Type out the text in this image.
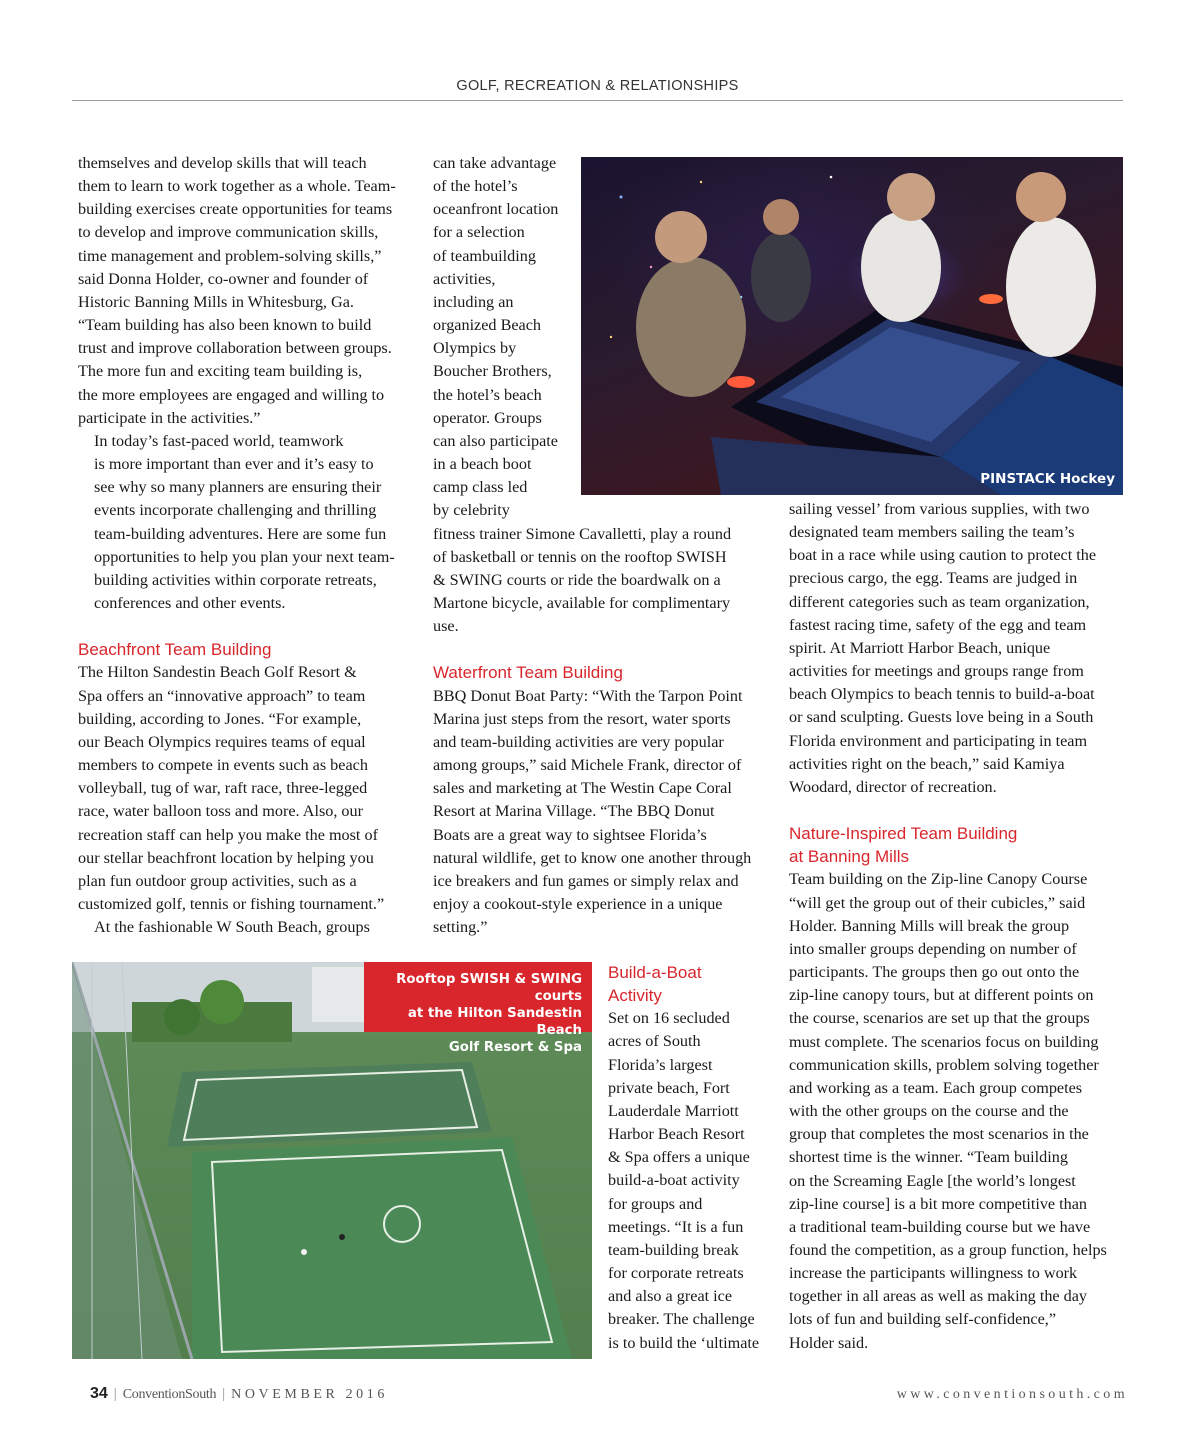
GOLF, RECREATION & RELATIONSHIPS
themselves and develop skills that will teach
them to learn to work together as a whole. Team-
building exercises create opportunities for teams
to develop and improve communication skills,
time management and problem-solving skills,”
said Donna Holder, co-owner and founder of
Historic Banning Mills in Whitesburg, Ga.
“Team building has also been known to build
trust and improve collaboration between groups.
The more fun and exciting team building is,
the more employees are engaged and willing to
participate in the activities.”
In today’s fast-paced world, teamwork
is more important than ever and it’s easy to
see why so many planners are ensuring their
events incorporate challenging and thrilling
team-building adventures. Here are some fun
opportunities to help you plan your next team-
building activities within corporate retreats,
conferences and other events.

Beachfront Team Building

The Hilton Sandestin Beach Golf Resort &
Spa offers an “innovative approach” to team
building, according to Jones. “For example,
our Beach Olympics requires teams of equal
members to compete in events such as beach
volleyball, tug of war, raft race, three-legged
race, water balloon toss and more. Also, our
recreation staff can help you make the most of
our stellar beachfront location by helping you
plan fun outdoor group activities, such as a
customized golf, tennis or fishing tournament.”
At the fashionable W South Beach, groups
can take advantage
of the hotel’s
oceanfront location
for a selection
of teambuilding
activities,
including an
organized Beach
Olympics by
Boucher Brothers,
the hotel’s beach
operator. Groups
can also participate
in a beach boot
camp class led
by celebrity
fitness trainer Simone Cavalletti, play a round
of basketball or tennis on the rooftop SWISH
& SWING courts or ride the boardwalk on a
Martone bicycle, available for complimentary
use.

Waterfront Team Building

BBQ Donut Boat Party: “With the Tarpon Point
Marina just steps from the resort, water sports
and team-building activities are very popular
among groups,” said Michele Frank, director of
sales and marketing at The Westin Cape Coral
Resort at Marina Village. “The BBQ Donut
Boats are a great way to sightsee Florida’s
natural wildlife, get to know one another through
ice breakers and fun games or simply relax and
enjoy a cookout-style experience in a unique
setting.”

Build-a-Boat

Activity

Set on 16 secluded
acres of South
Florida’s largest
private beach, Fort
Lauderdale Marriott
Harbor Beach Resort
& Spa offers a unique
build-a-boat activity
for groups and
meetings. “It is a fun
team-building break
for corporate retreats
and also a great ice
breaker. The challenge
is to build the ‘ultimate
sailing vessel’ from various supplies, with two
designated team members sailing the team’s
boat in a race while using caution to protect the
precious cargo, the egg. Teams are judged in
different categories such as team organization,
fastest racing time, safety of the egg and team
spirit. At Marriott Harbor Beach, unique
activities for meetings and groups range from
beach Olympics to beach tennis to build-a-boat
or sand sculpting. Guests love being in a South
Florida environment and participating in team
activities right on the beach,” said Kamiya
Woodard, director of recreation.

Nature-Inspired Team Building

at Banning Mills

Team building on the Zip-line Canopy Course
“will get the group out of their cubicles,” said
Holder. Banning Mills will break the group
into smaller groups depending on number of
participants. The groups then go out onto the
zip-line canopy tours, but at different points on
the course, scenarios are set up that the groups
must complete. The scenarios focus on building
communication skills, problem solving together
and working as a team. Each group competes
with the other groups on the course and the
group that completes the most scenarios in the
shortest time is the winner. “Team building
on the Screaming Eagle [the world’s longest
zip-line course] is a bit more competitive than
a traditional team-building course but we have
found the competition, as a group function, helps
increase the participants willingness to work
together in all areas as well as making the day
lots of fun and building self-confidence,”
Holder said.
PINSTACK Hockey
Rooftop SWISH & SWING courts
at the Hilton Sandestin Beach
Golf Resort & Spa
34 | ConventionSouth | NOVEMBER 2016	www.conventionsouth.com
